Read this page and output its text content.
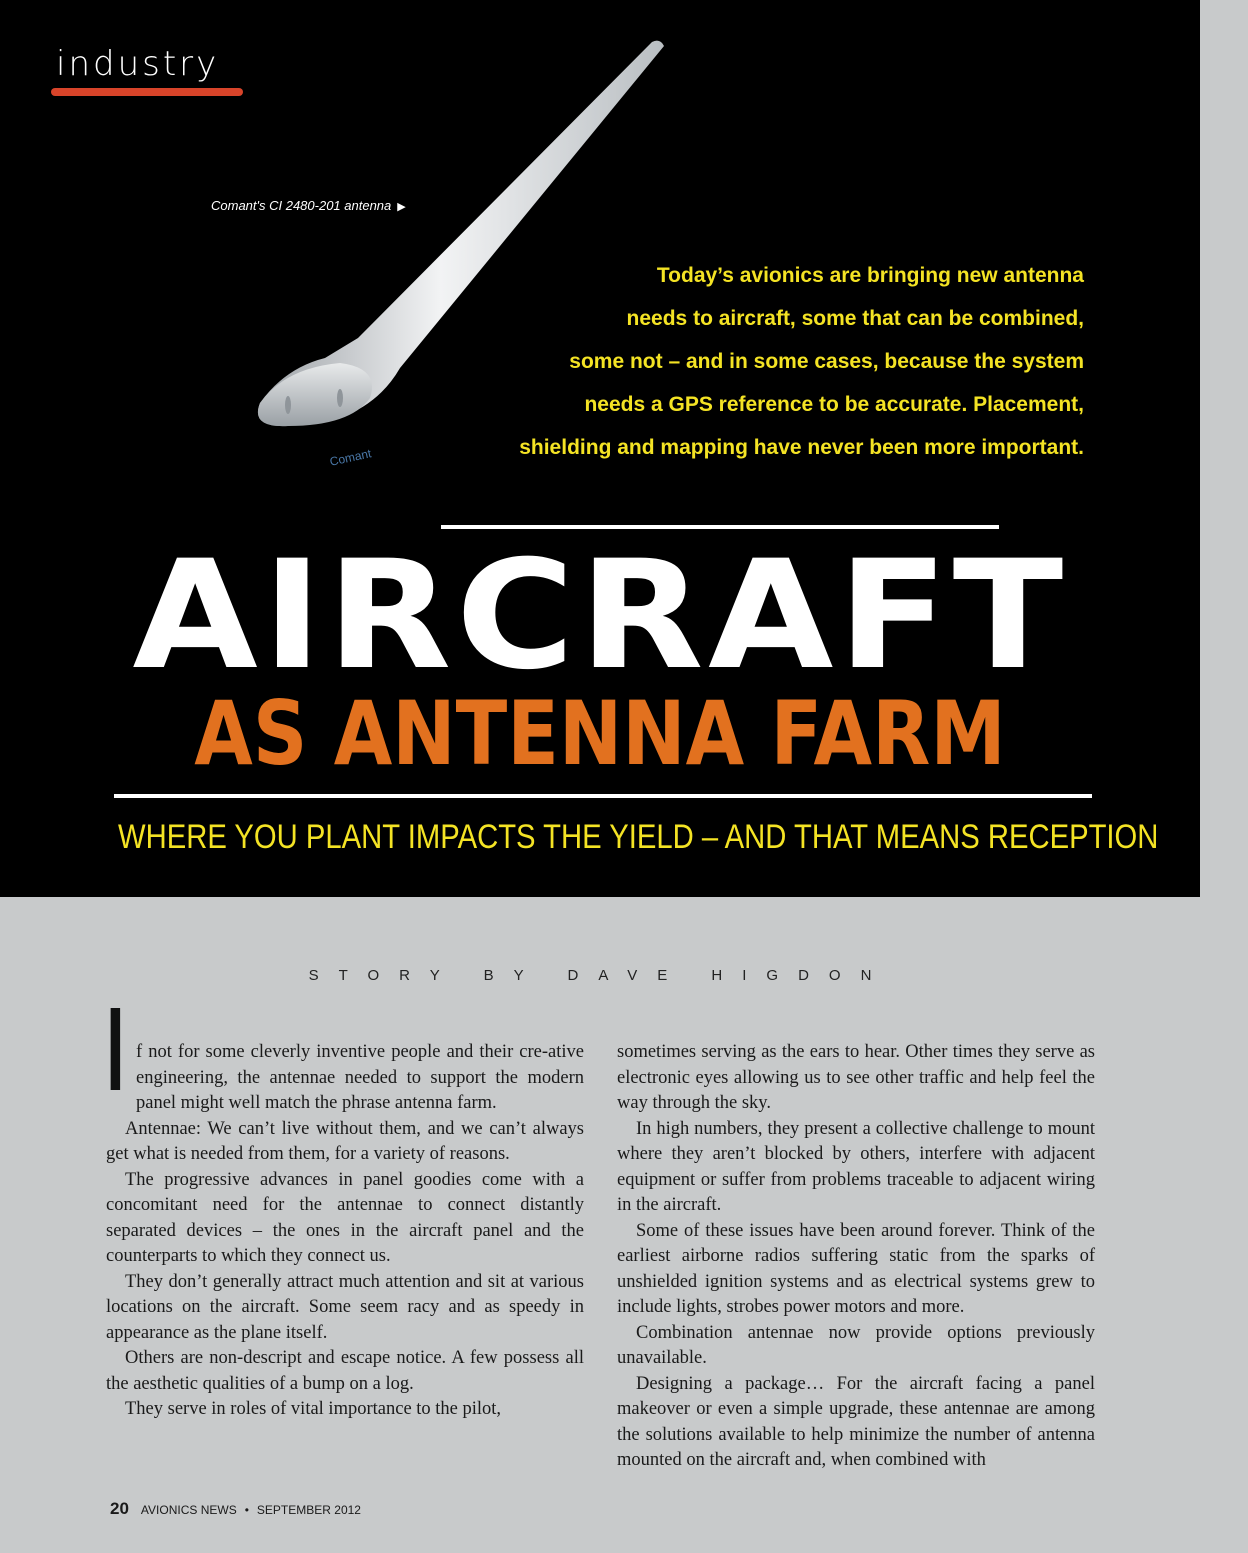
industry
Comant
Comant's CI 2480-201 antenna ▶
Today’s avionics are bringing new antenna
needs to aircraft, some that can be combined,
some not – and in some cases, because the system
needs a GPS reference to be accurate. Placement,
shielding and mapping have never been more important.
AIRCRAFT
AS ANTENNA FARM
WHERE YOU PLANT IMPACTS THE YIELD – AND THAT MEANS RECEPTION
STORY BY DAVE HIGDON

If not for some cleverly inventive people and their cre-ative engineering, the antennae needed to support the modern panel might well match the phrase antenna farm.

Antennae: We can’t live without them, and we can’t always get what is needed from them, for a variety of reasons.

The progressive advances in panel goodies come with a concomitant need for the antennae to connect distantly separated devices – the ones in the aircraft panel and the counterparts to which they connect us.

They don’t generally attract much attention and sit at various locations on the aircraft. Some seem racy and as speedy in appearance as the plane itself.

Others are non-descript and escape notice. A few possess all the aesthetic qualities of a bump on a log.

They serve in roles of vital importance to the pilot,

sometimes serving as the ears to hear. Other times they serve as electronic eyes allowing us to see other traffic and help feel the way through the sky.

In high numbers, they present a collective challenge to mount where they aren’t blocked by others, interfere with adjacent equipment or suffer from problems traceable to adjacent wiring in the aircraft.

Some of these issues have been around forever. Think of the earliest airborne radios suffering static from the sparks of unshielded ignition systems and as electrical systems grew to include lights, strobes power motors and more.

Combination antennae now provide options previously unavailable.

Designing a package… For the aircraft facing a panel makeover or even a simple upgrade, these antennae are among the solutions available to help minimize the number of antenna mounted on the aircraft and, when combined with

20 AVIONICS NEWS • SEPTEMBER 2012
